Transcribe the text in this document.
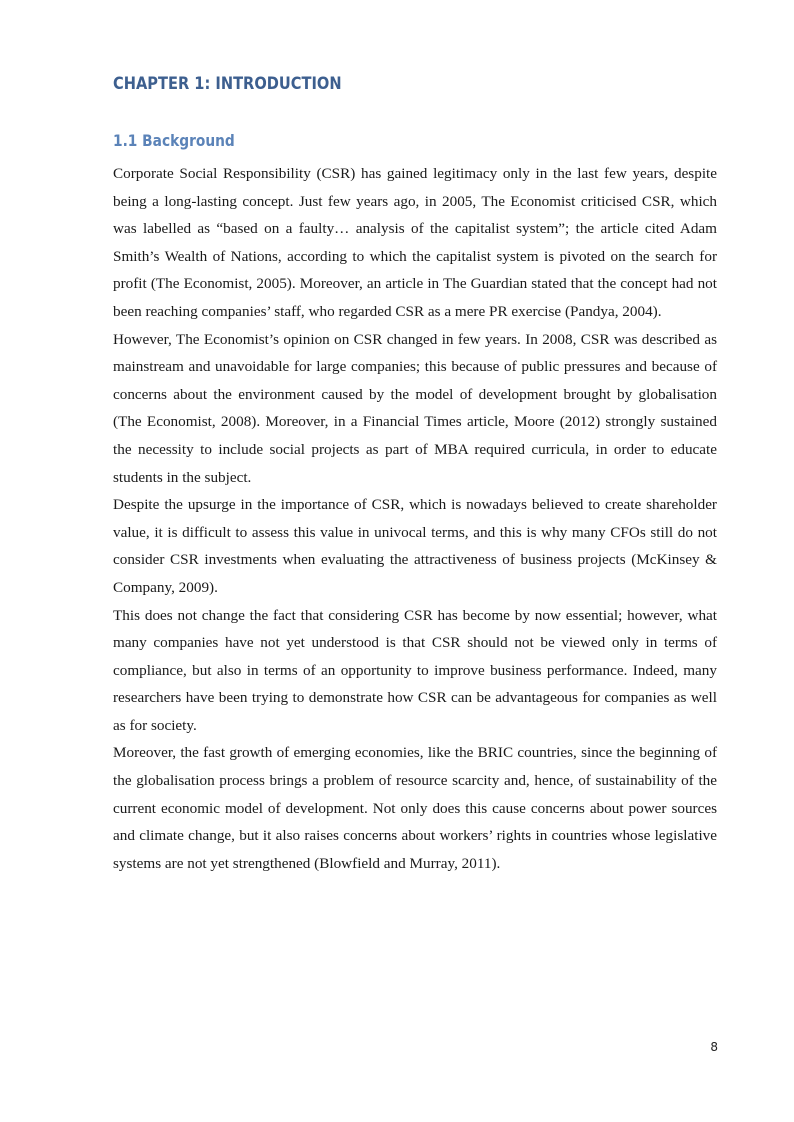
CHAPTER 1: INTRODUCTION
1.1 Background

Corporate Social Responsibility (CSR) has gained legitimacy only in the last few years, despite being a long-lasting concept. Just few years ago, in 2005, The Economist criticised CSR, which was labelled as “based on a faulty… analysis of the capitalist system”; the article cited Adam Smith’s Wealth of Nations, according to which the capitalist system is pivoted on the search for profit (The Economist, 2005). Moreover, an article in The Guardian stated that the concept had not been reaching companies’ staff, who regarded CSR as a mere PR exercise (Pandya, 2004).

However, The Economist’s opinion on CSR changed in few years. In 2008, CSR was described as mainstream and unavoidable for large companies; this because of public pressures and because of concerns about the environment caused by the model of development brought by globalisation (The Economist, 2008). Moreover, in a Financial Times article, Moore (2012) strongly sustained the necessity to include social projects as part of MBA required curricula, in order to educate students in the subject.

Despite the upsurge in the importance of CSR, which is nowadays believed to create shareholder value, it is difficult to assess this value in univocal terms, and this is why many CFOs still do not consider CSR investments when evaluating the attractiveness of business projects (McKinsey & Company, 2009).

This does not change the fact that considering CSR has become by now essential; however, what many companies have not yet understood is that CSR should not be viewed only in terms of compliance, but also in terms of an opportunity to improve business performance. Indeed, many researchers have been trying to demonstrate how CSR can be advantageous for companies as well as for society.

Moreover, the fast growth of emerging economies, like the BRIC countries, since the beginning of the globalisation process brings a problem of resource scarcity and, hence, of sustainability of the current economic model of development. Not only does this cause concerns about power sources and climate change, but it also raises concerns about workers’ rights in countries whose legislative systems are not yet strengthened (Blowfield and Murray, 2011).

8
